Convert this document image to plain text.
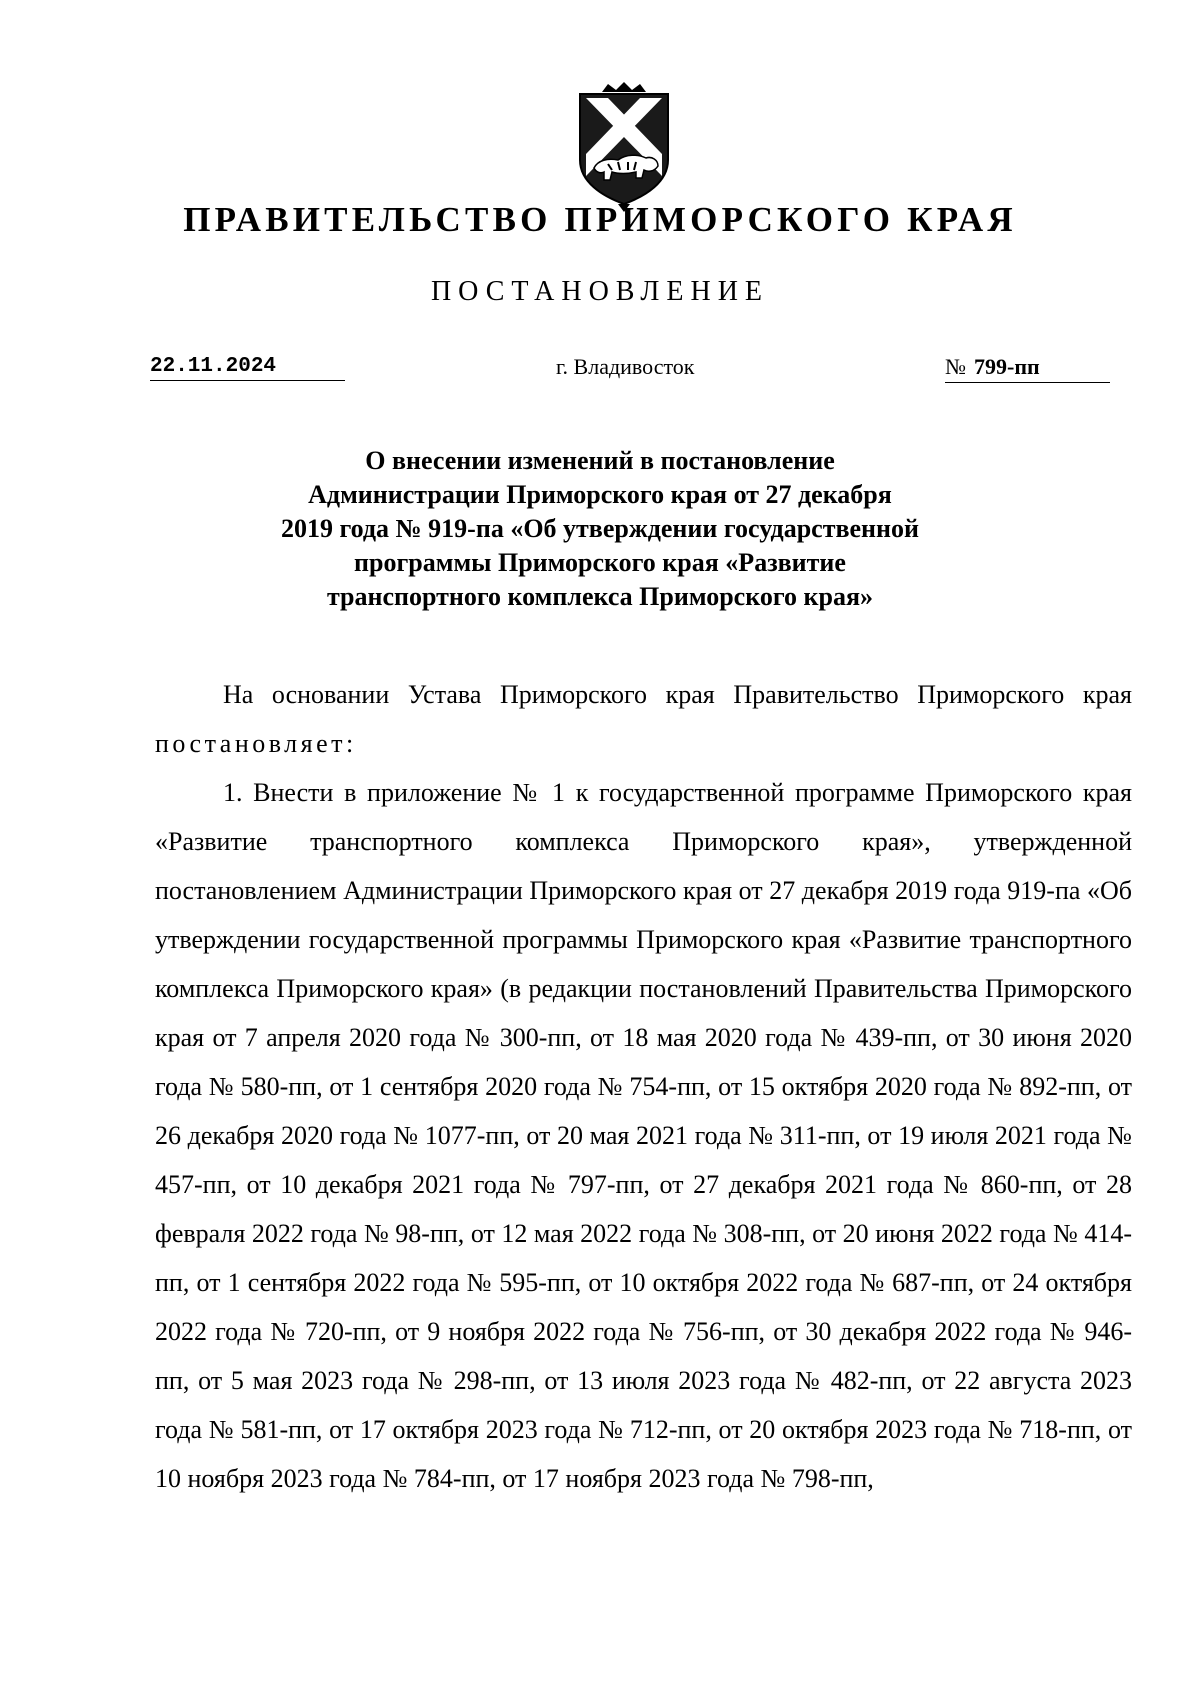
ПРАВИТЕЛЬСТВО ПРИМОРСКОГО КРАЯ
ПОСТАНОВЛЕНИЕ
22.11.2024	г. Владивосток	№ 799-пп
О внесении изменений в постановление
Администрации Приморского края от 27 декабря
2019 года № 919-па «Об утверждении государственной
программы Приморского края «Развитие
транспортного комплекса Приморского края»

На основании Устава Приморского края Правительство Приморского края постановляет:

1. Внести в приложение № 1 к государственной программе Приморского края «Развитие транспортного комплекса Приморского края», утвержденной постановлением Администрации Приморского края от 27 декабря 2019 года 919-па «Об утверждении государственной программы Приморского края «Развитие транспортного комплекса Приморского края» (в редакции постановлений Правительства Приморского края от 7 апреля 2020 года № 300-пп, от 18 мая 2020 года № 439-пп, от 30 июня 2020 года № 580-пп, от 1 сентября 2020 года № 754-пп, от 15 октября 2020 года № 892-пп, от 26 декабря 2020 года № 1077-пп, от 20 мая 2021 года № 311-пп, от 19 июля 2021 года № 457-пп, от 10 декабря 2021 года № 797-пп, от 27 декабря 2021 года № 860-пп, от 28 февраля 2022 года № 98-пп, от 12 мая 2022 года № 308-пп, от 20 июня 2022 года № 414-пп, от 1 сентября 2022 года № 595-пп, от 10 октября 2022 года № 687-пп, от 24 октября 2022 года № 720-пп, от 9 ноября 2022 года № 756-пп, от 30 декабря 2022 года № 946-пп, от 5 мая 2023 года № 298-пп, от 13 июля 2023 года № 482-пп, от 22 августа 2023 года № 581-пп, от 17 октября 2023 года № 712-пп, от 20 октября 2023 года № 718-пп, от 10 ноября 2023 года № 784-пп, от 17 ноября 2023 года № 798-пп,
